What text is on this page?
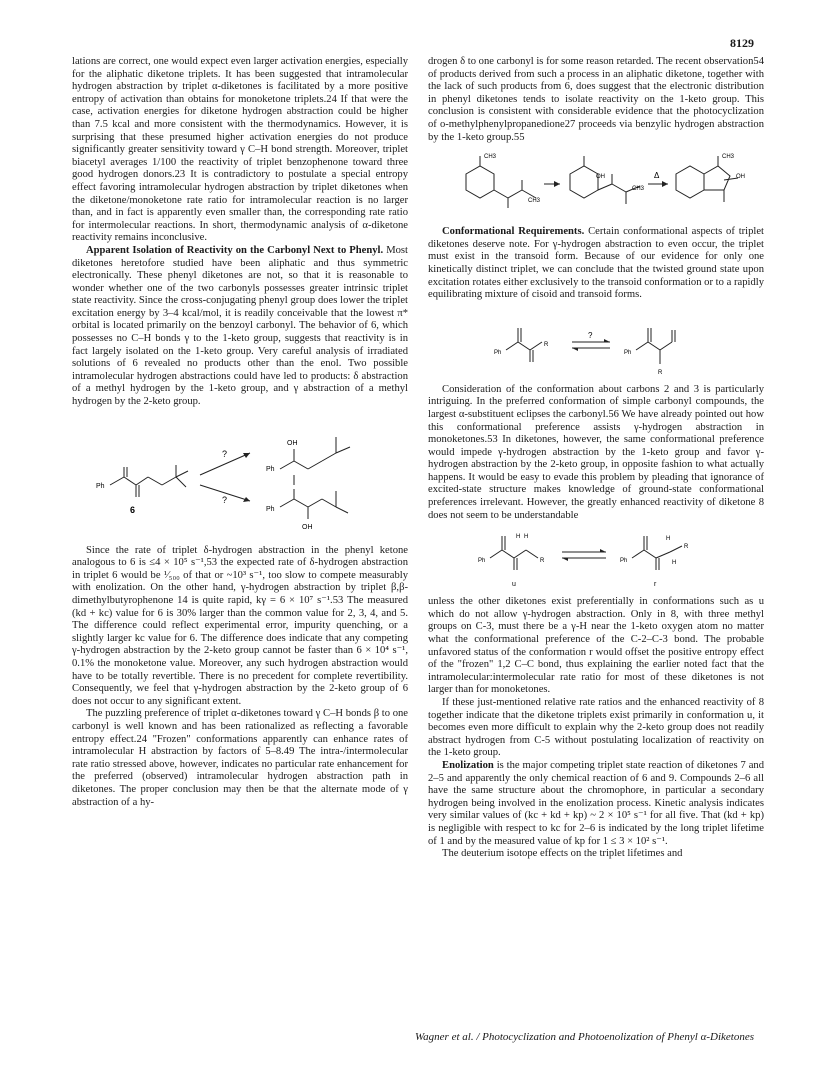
8129

lations are correct, one would expect even larger activation energies, especially for the aliphatic diketone triplets. It has been suggested that intramolecular hydrogen abstraction by triplet α-diketones is facilitated by a more positive entropy of activation than obtains for monoketone triplets.24 If that were the case, activation energies for diketone hydrogen abstraction could be higher than 7.5 kcal and more consistent with the thermodynamics. However, it is surprising that these presumed higher activation energies do not produce significantly greater sensitivity toward γ C–H bond strength. Moreover, triplet biacetyl averages 1/100 the reactivity of triplet benzophenone toward three good hydrogen donors.23 It is contradictory to postulate a special entropy effect favoring intramolecular hydrogen abstraction by triplet diketones when the diketone/monoketone rate ratio for intramolecular reaction is no larger than, and in fact is apparently even smaller than, the corresponding rate ratio for intermolecular reactions. In short, thermodynamic analysis of α-diketone reactivity remains inconclusive.

Apparent Isolation of Reactivity on the Carbonyl Next to Phenyl. Most diketones heretofore studied have been aliphatic and thus symmetric electronically. These phenyl diketones are not, so that it is reasonable to wonder whether one of the two carbonyls possesses greater intrinsic triplet state reactivity. Since the cross-conjugating phenyl group does lower the triplet excitation energy by 3–4 kcal/mol, it is readily conceivable that the lowest π* orbital is located primarily on the benzoyl carbonyl. The behavior of 6, which possesses no C–H bonds γ to the 1-keto group, suggests that reactivity is in fact largely isolated on the 1-keto group. Very careful analysis of irradiated solutions of 6 revealed no products other than the enol. Two possible intramolecular hydrogen abstractions could have led to products: δ abstraction of a methyl hydrogen by the 1-keto group, and γ abstraction of a methyl hydrogen by the 2-keto group.

Ph
6
?
?
OH
Ph
Ph
OH

Since the rate of triplet δ-hydrogen abstraction in the phenyl ketone analogous to 6 is ≤4 × 10⁵ s⁻¹,53 the expected rate of δ-hydrogen abstraction in triplet 6 would be ¹⁄₅₀₀ of that or ~10³ s⁻¹, too slow to compete measurably with enolization. On the other hand, γ-hydrogen abstraction by triplet β,β-dimethylbutyrophenone 14 is quite rapid, kγ = 6 × 10⁷ s⁻¹.53 The measured (kd + kc) value for 6 is 30% larger than the common value for 2, 3, 4, and 5. The difference could reflect experimental error, impurity quenching, or a slightly larger kc value for 6. The difference does indicate that any competing γ-hydrogen abstraction by the 2-keto group cannot be faster than 6 × 10⁴ s⁻¹, 0.1% the monoketone value. Moreover, any such hydrogen abstraction would have to be totally revertible. There is no precedent for complete revertibility. Consequently, we feel that γ-hydrogen abstraction by the 2-keto group of 6 does not occur to any significant extent.

The puzzling preference of triplet α-diketones toward γ C–H bonds β to one carbonyl is well known and has been rationalized as reflecting a favorable entropy effect.24 "Frozen" conformations apparently can enhance rates of intramolecular H abstraction by factors of 5–8.49 The intra-/intermolecular rate ratio stressed above, however, indicates no particular rate enhancement for the preferred (observed) intramolecular hydrogen abstraction path in diketones. The proper conclusion may then be that the alternate mode of γ abstraction of a hy-

drogen δ to one carbonyl is for some reason retarded. The recent observation54 of products derived from such a process in an aliphatic diketone, together with the lack of such products from 6, does suggest that the electronic distribution in phenyl diketones tends to isolate reactivity on the 1-keto group. This conclusion is consistent with considerable evidence that the photocyclization of o-methylphenylpropanedione27 proceeds via benzylic hydrogen abstraction by the 1-keto group.55

CH3
OH
CH3
CH3
Δ
CH3
OH

Conformational Requirements. Certain conformational aspects of triplet diketones deserve note. For γ-hydrogen abstraction to even occur, the triplet must exist in the transoid form. Because of our evidence for only one kinetically distinct triplet, we can conclude that the twisted ground state upon excitation rotates either exclusively to the transoid conformation or to a rapidly equilibrating mixture of cisoid and transoid forms.

Ph
R
?
Ph
R

Consideration of the conformation about carbons 2 and 3 is particularly intriguing. In the preferred conformation of simple carbonyl compounds, the largest α-substituent eclipses the carbonyl.56 We have already pointed out how this conformational preference assists γ-hydrogen abstraction in monoketones.53 In diketones, however, the same conformational preference would impede γ-hydrogen abstraction by the 1-keto group and favor γ-hydrogen abstraction by the 2-keto group, in opposite fashion to what actually happens. It would be easy to evade this problem by pleading that ignorance of excited-state structure makes knowledge of ground-state conformational preferences irrelevant. However, the greatly enhanced reactivity of diketone 8 does not seem to be understandable

Ph
H H
R
u
Ph
H
R
H
r

unless the other diketones exist preferentially in conformations such as u which do not allow γ-hydrogen abstraction. Only in 8, with three methyl groups on C-3, must there be a γ-H near the 1-keto oxygen atom no matter what the conformational preference of the C-2–C-3 bond. The probable unfavored status of the conformation r would offset the positive entropy effect of the "frozen" 1,2 C–C bond, thus explaining the earlier noted fact that the intramolecular:intermolecular rate ratio for most of these diketones is not larger than for monoketones.

If these just-mentioned relative rate ratios and the enhanced reactivity of 8 together indicate that the diketone triplets exist primarily in conformation u, it becomes even more difficult to explain why the 2-keto group does not readily abstract hydrogen from C-5 without postulating localization of reactivity on the 1-keto group.

Enolization is the major competing triplet state reaction of diketones 7 and 2–5 and apparently the only chemical reaction of 6 and 9. Compounds 2–6 all have the same structure about the chromophore, in particular a secondary hydrogen being involved in the enolization process. Kinetic analysis indicates very similar values of (kc + kd + kp) ~ 2 × 10⁵ s⁻¹ for all five. That (kd + kp) is negligible with respect to kc for 2–6 is indicated by the long triplet lifetime of 1 and by the measured value of kp for 1 ≤ 3 × 10² s⁻¹.

The deuterium isotope effects on the triplet lifetimes and

Wagner et al. / Photocyclization and Photoenolization of Phenyl α-Diketones
